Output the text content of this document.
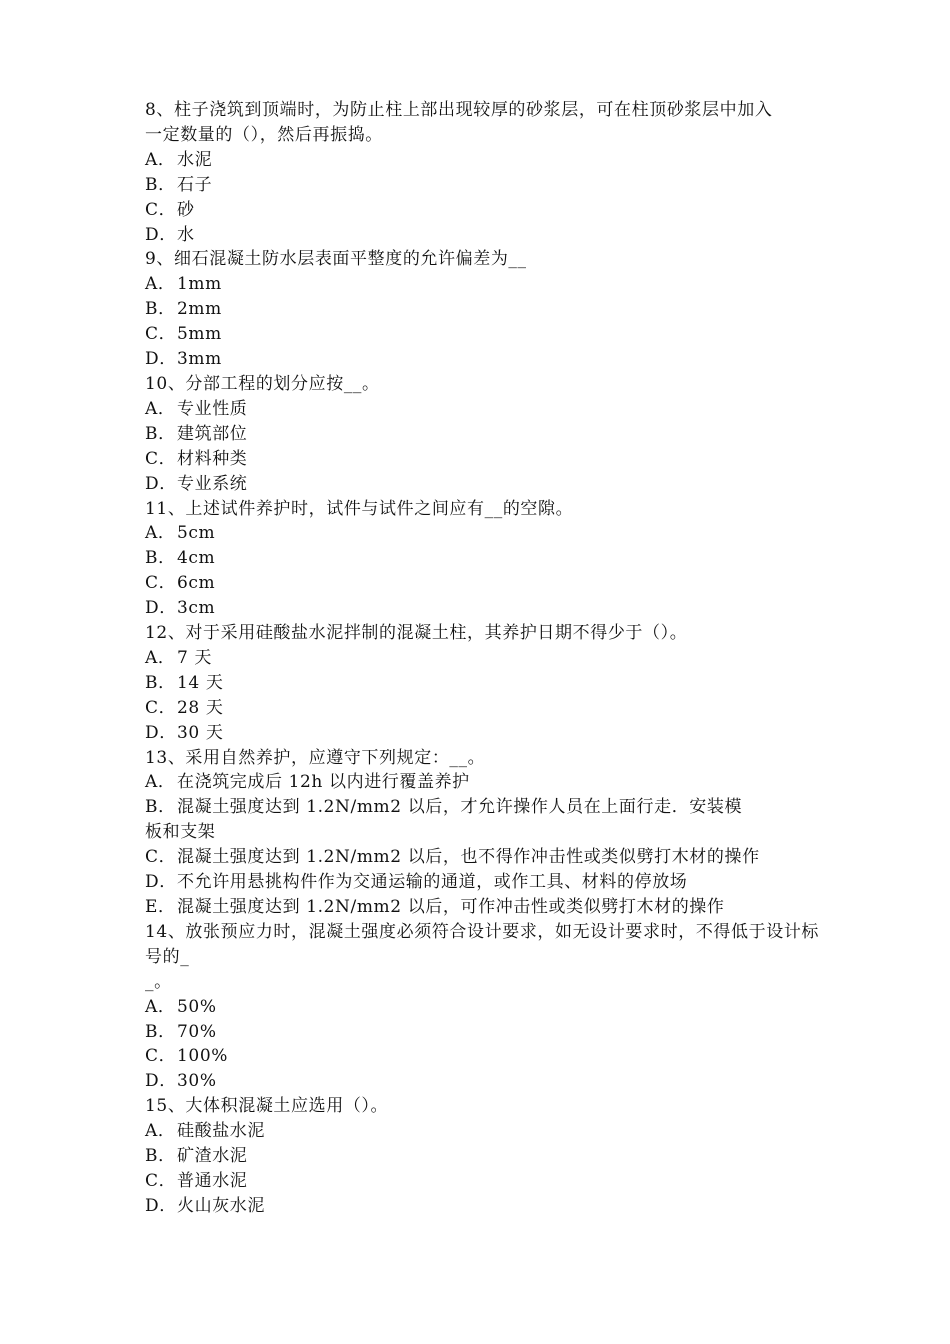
8、柱子浇筑到顶端时，为防止柱上部出现较厚的砂浆层，可在柱顶砂浆层中加入
一定数量的（），然后再振捣。
A．水泥
B．石子
C．砂
D．水
9、细石混凝土防水层表面平整度的允许偏差为__
A．1mm
B．2mm
C．5mm
D．3mm
10、分部工程的划分应按__。
A．专业性质
B．建筑部位
C．材料种类
D．专业系统
11、上述试件养护时，试件与试件之间应有__的空隙。
A．5cm
B．4cm
C．6cm
D．3cm
12、对于采用硅酸盐水泥拌制的混凝土柱，其养护日期不得少于（）。
A．7 天
B．14 天
C．28 天
D．30 天
13、采用自然养护，应遵守下列规定：__。
A．在浇筑完成后 12h 以内进行覆盖养护
B．混凝土强度达到 1.2N/mm2 以后，才允许操作人员在上面行走．安装模
板和支架
C．混凝土强度达到 1.2N/mm2 以后，也不得作冲击性或类似劈打木材的操作
D．不允许用悬挑构件作为交通运输的通道，或作工具、材料的停放场
E．混凝土强度达到 1.2N/mm2 以后，可作冲击性或类似劈打木材的操作
14、放张预应力时，混凝土强度必须符合设计要求，如无设计要求时，不得低于设计标号的_
_。
A．50%
B．70%
C．100%
D．30%
15、大体积混凝土应选用（）。
A．硅酸盐水泥
B．矿渣水泥
C．普通水泥
D．火山灰水泥
